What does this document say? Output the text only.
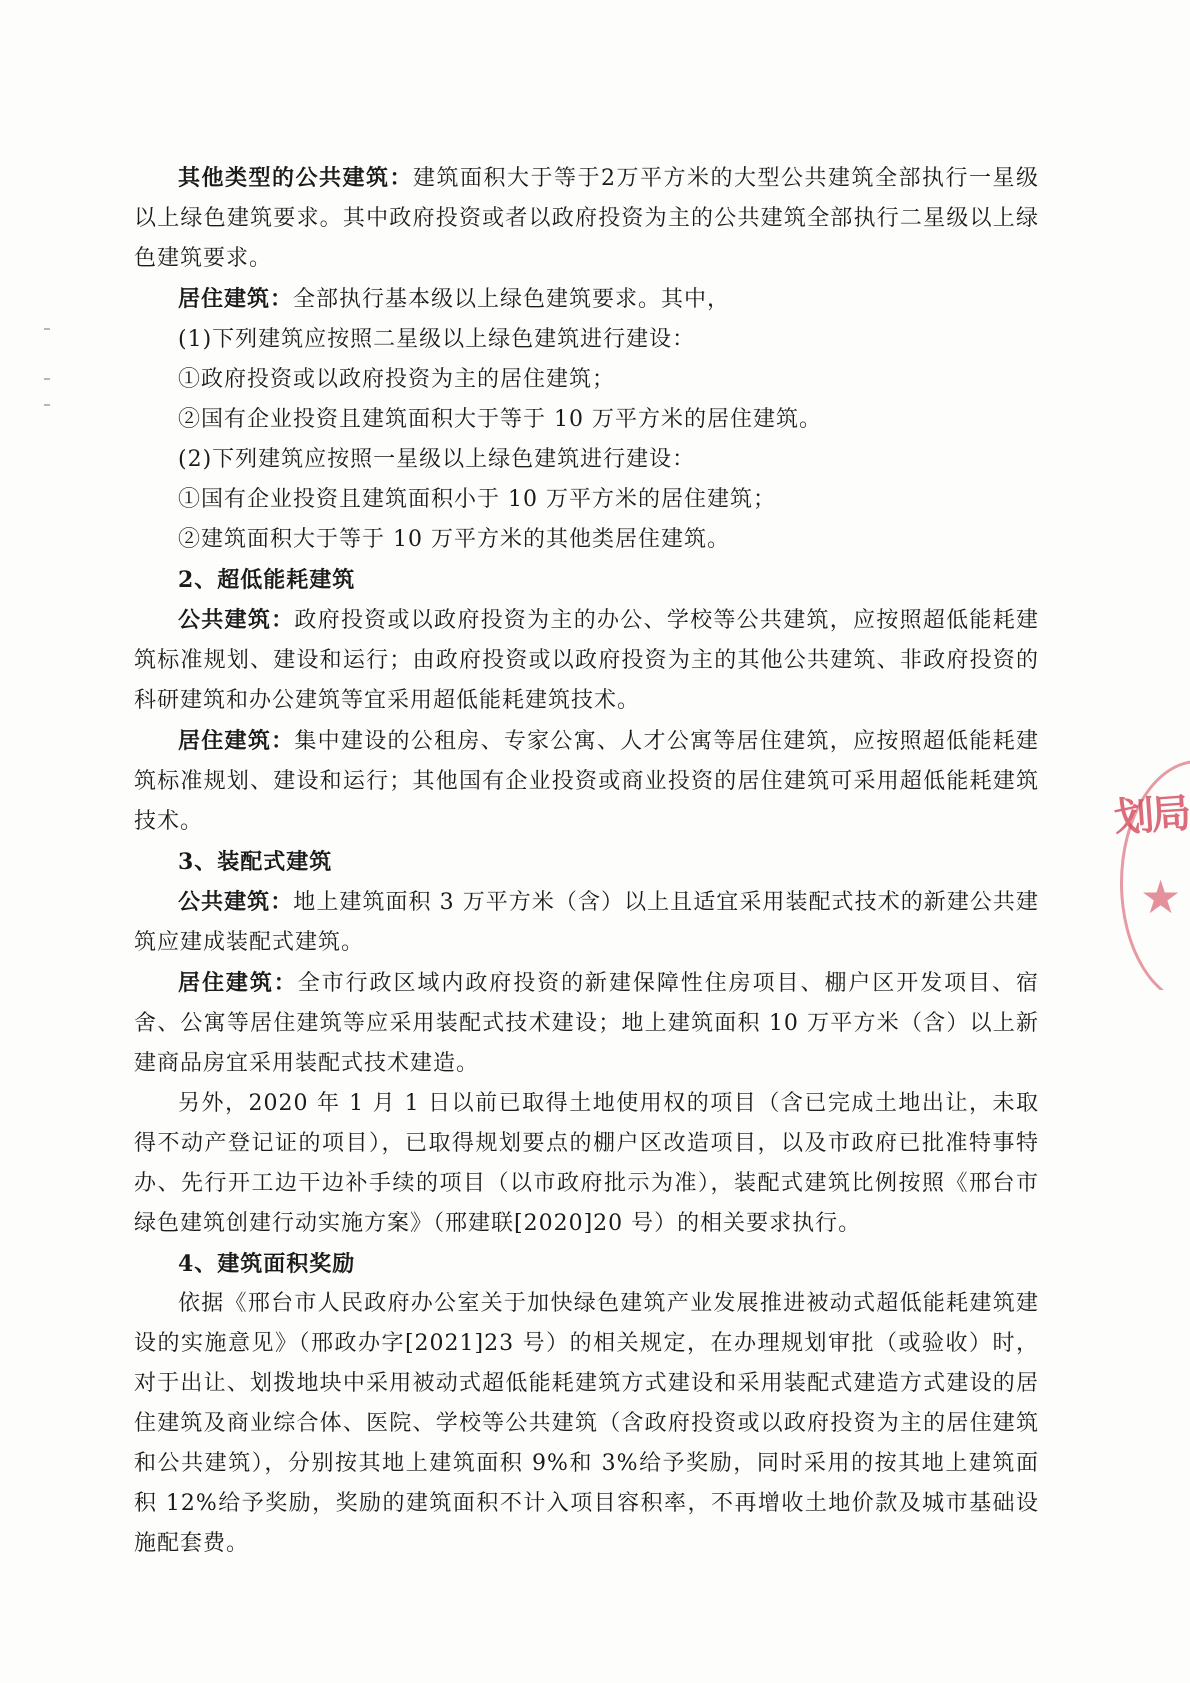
其他类型的公共建筑：建筑面积大于等于2万平方米的大型公共建筑全部执行一星级以上绿色建筑要求。其中政府投资或者以政府投资为主的公共建筑全部执行二星级以上绿色建筑要求。

居住建筑：全部执行基本级以上绿色建筑要求。其中，

(1)下列建筑应按照二星级以上绿色建筑进行建设：

①政府投资或以政府投资为主的居住建筑；

②国有企业投资且建筑面积大于等于 10 万平方米的居住建筑。

(2)下列建筑应按照一星级以上绿色建筑进行建设：

①国有企业投资且建筑面积小于 10 万平方米的居住建筑；

②建筑面积大于等于 10 万平方米的其他类居住建筑。

2、超低能耗建筑

公共建筑：政府投资或以政府投资为主的办公、学校等公共建筑，应按照超低能耗建筑标准规划、建设和运行；由政府投资或以政府投资为主的其他公共建筑、非政府投资的科研建筑和办公建筑等宜采用超低能耗建筑技术。

居住建筑：集中建设的公租房、专家公寓、人才公寓等居住建筑，应按照超低能耗建筑标准规划、建设和运行；其他国有企业投资或商业投资的居住建筑可采用超低能耗建筑技术。

3、装配式建筑

公共建筑：地上建筑面积 3 万平方米（含）以上且适宜采用装配式技术的新建公共建筑应建成装配式建筑。

居住建筑：全市行政区域内政府投资的新建保障性住房项目、棚户区开发项目、宿舍、公寓等居住建筑等应采用装配式技术建设；地上建筑面积 10 万平方米（含）以上新建商品房宜采用装配式技术建造。

另外，2020 年 1 月 1 日以前已取得土地使用权的项目（含已完成土地出让，未取得不动产登记证的项目），已取得规划要点的棚户区改造项目，以及市政府已批准特事特办、先行开工边干边补手续的项目（以市政府批示为准），装配式建筑比例按照《邢台市绿色建筑创建行动实施方案》（邢建联[2020]20 号）的相关要求执行。

4、建筑面积奖励

依据《邢台市人民政府办公室关于加快绿色建筑产业发展推进被动式超低能耗建筑建设的实施意见》（邢政办字[2021]23 号）的相关规定，在办理规划审批（或验收）时，对于出让、划拨地块中采用被动式超低能耗建筑方式建设和采用装配式建造方式建设的居住建筑及商业综合体、医院、学校等公共建筑（含政府投资或以政府投资为主的居住建筑和公共建筑），分别按其地上建筑面积 9%和 3%给予奖励，同时采用的按其地上建筑面积 12%给予奖励，奖励的建筑面积不计入项目容积率，不再增收土地价款及城市基础设施配套费。

划局
★
